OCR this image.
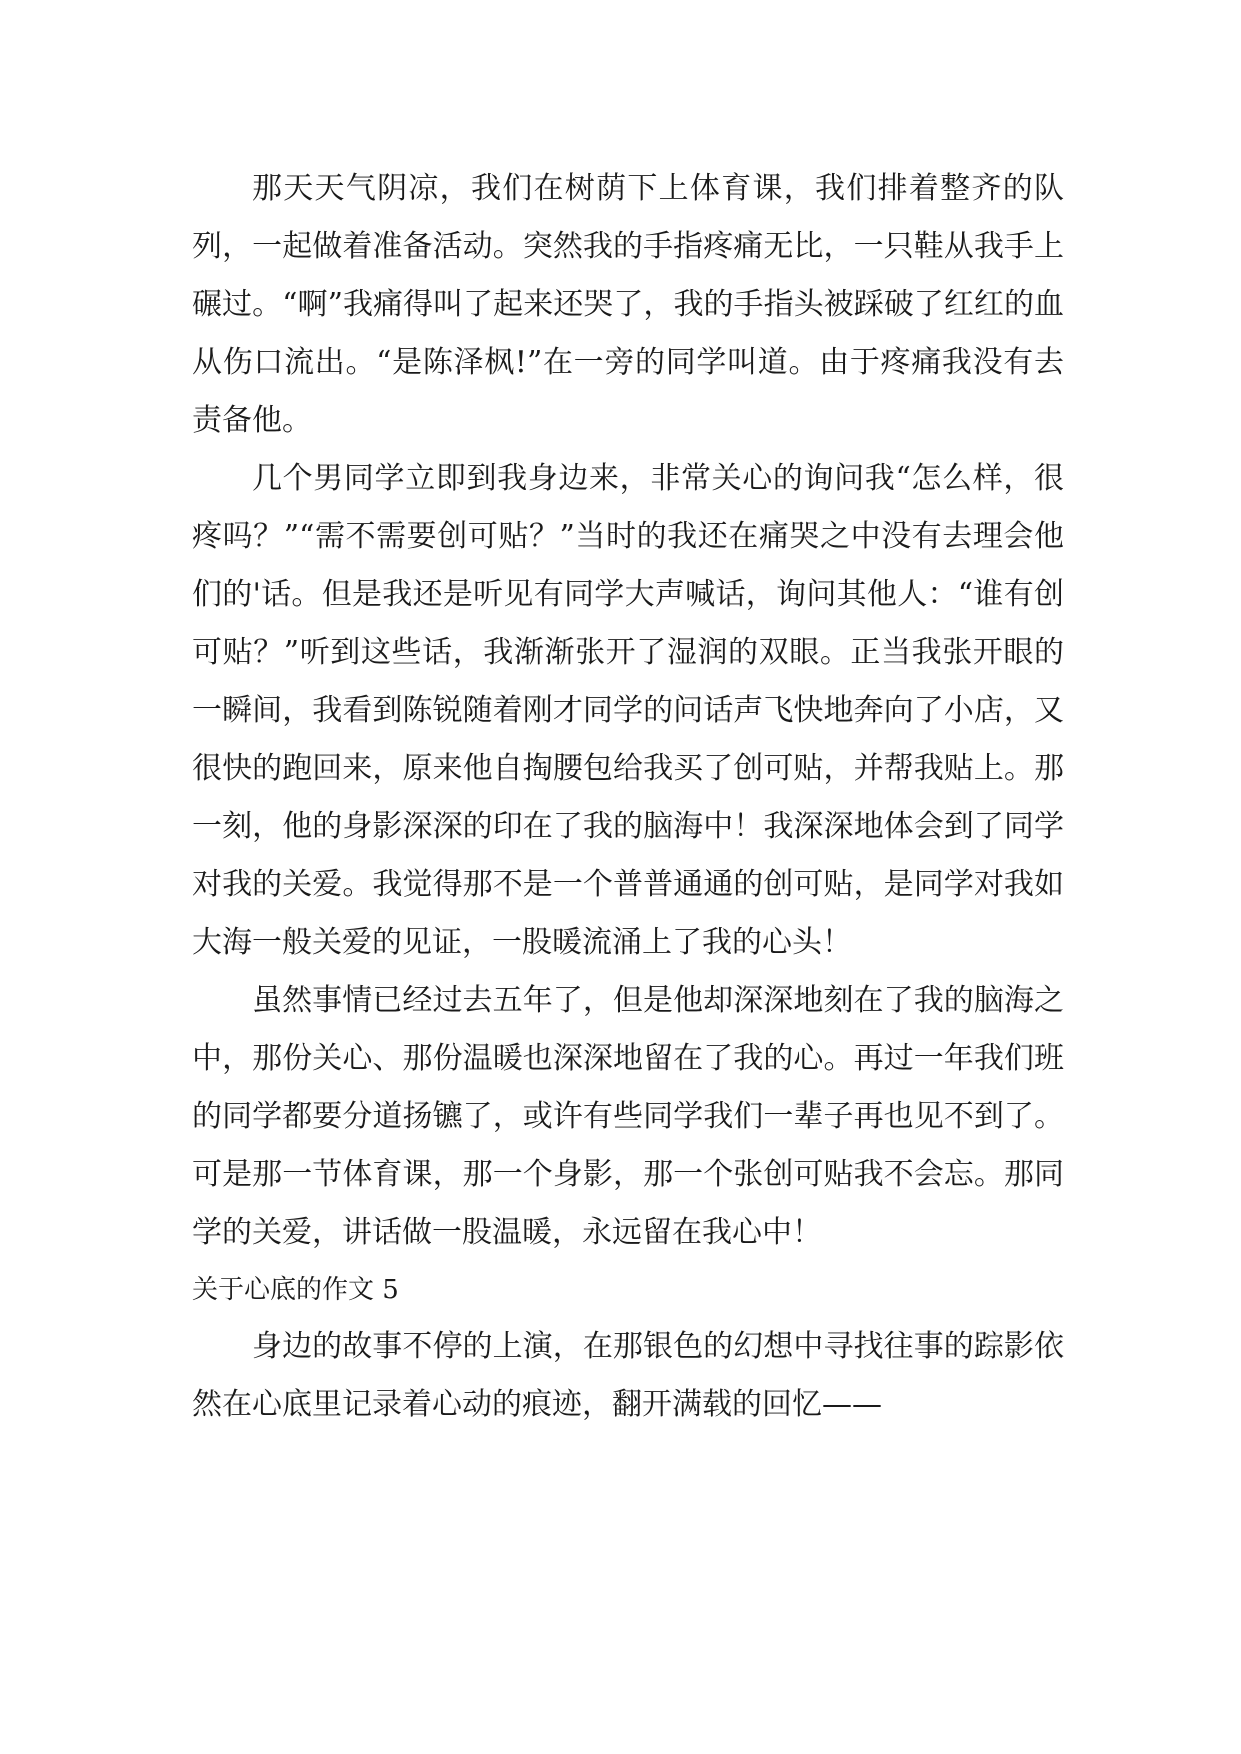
那天天气阴凉，我们在树荫下上体育课，我们排着整齐的队列，一起做着准备活动。突然我的手指疼痛无比，一只鞋从我手上碾过。“啊”我痛得叫了起来还哭了，我的手指头被踩破了红红的血从伤口流出。“是陈泽枫!”在一旁的同学叫道。由于疼痛我没有去责备他。

几个男同学立即到我身边来，非常关心的询问我“怎么样，很疼吗？”“需不需要创可贴？”当时的我还在痛哭之中没有去理会他们的'话。但是我还是听见有同学大声喊话，询问其他人：“谁有创可贴？”听到这些话，我渐渐张开了湿润的双眼。正当我张开眼的一瞬间，我看到陈锐随着刚才同学的问话声飞快地奔向了小店，又很快的跑回来，原来他自掏腰包给我买了创可贴，并帮我贴上。那一刻，他的身影深深的印在了我的脑海中！我深深地体会到了同学对我的关爱。我觉得那不是一个普普通通的创可贴，是同学对我如大海一般关爱的见证，一股暖流涌上了我的心头！

虽然事情已经过去五年了，但是他却深深地刻在了我的脑海之中，那份关心、那份温暖也深深地留在了我的心。再过一年我们班的同学都要分道扬镳了，或许有些同学我们一辈子再也见不到了。可是那一节体育课，那一个身影，那一个张创可贴我不会忘。那同学的关爱，讲话做一股温暖，永远留在我心中！

关于心底的作文 5

身边的故事不停的上演，在那银色的幻想中寻找往事的踪影依然在心底里记录着心动的痕迹，翻开满载的回忆——
